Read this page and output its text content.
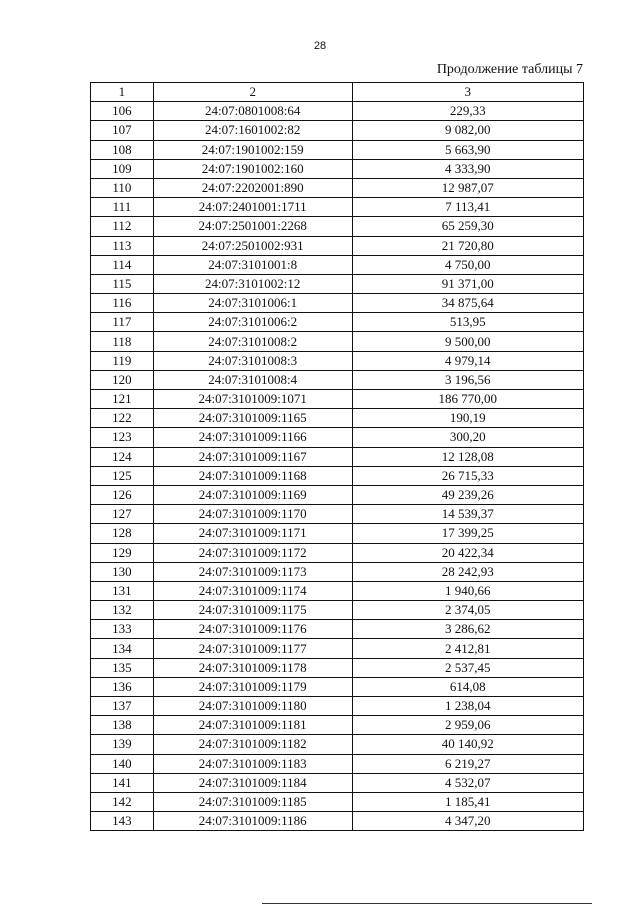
28
Продолжение таблицы 7
1	2	3
106	24:07:0801008:64	229,33
107	24:07:1601002:82	9 082,00
108	24:07:1901002:159	5 663,90
109	24:07:1901002:160	4 333,90
110	24:07:2202001:890	12 987,07
111	24:07:2401001:1711	7 113,41
112	24:07:2501001:2268	65 259,30
113	24:07:2501002:931	21 720,80
114	24:07:3101001:8	4 750,00
115	24:07:3101002:12	91 371,00
116	24:07:3101006:1	34 875,64
117	24:07:3101006:2	513,95
118	24:07:3101008:2	9 500,00
119	24:07:3101008:3	4 979,14
120	24:07:3101008:4	3 196,56
121	24:07:3101009:1071	186 770,00
122	24:07:3101009:1165	190,19
123	24:07:3101009:1166	300,20
124	24:07:3101009:1167	12 128,08
125	24:07:3101009:1168	26 715,33
126	24:07:3101009:1169	49 239,26
127	24:07:3101009:1170	14 539,37
128	24:07:3101009:1171	17 399,25
129	24:07:3101009:1172	20 422,34
130	24:07:3101009:1173	28 242,93
131	24:07:3101009:1174	1 940,66
132	24:07:3101009:1175	2 374,05
133	24:07:3101009:1176	3 286,62
134	24:07:3101009:1177	2 412,81
135	24:07:3101009:1178	2 537,45
136	24:07:3101009:1179	614,08
137	24:07:3101009:1180	1 238,04
138	24:07:3101009:1181	2 959,06
139	24:07:3101009:1182	40 140,92
140	24:07:3101009:1183	6 219,27
141	24:07:3101009:1184	4 532,07
142	24:07:3101009:1185	1 185,41
143	24:07:3101009:1186	4 347,20
